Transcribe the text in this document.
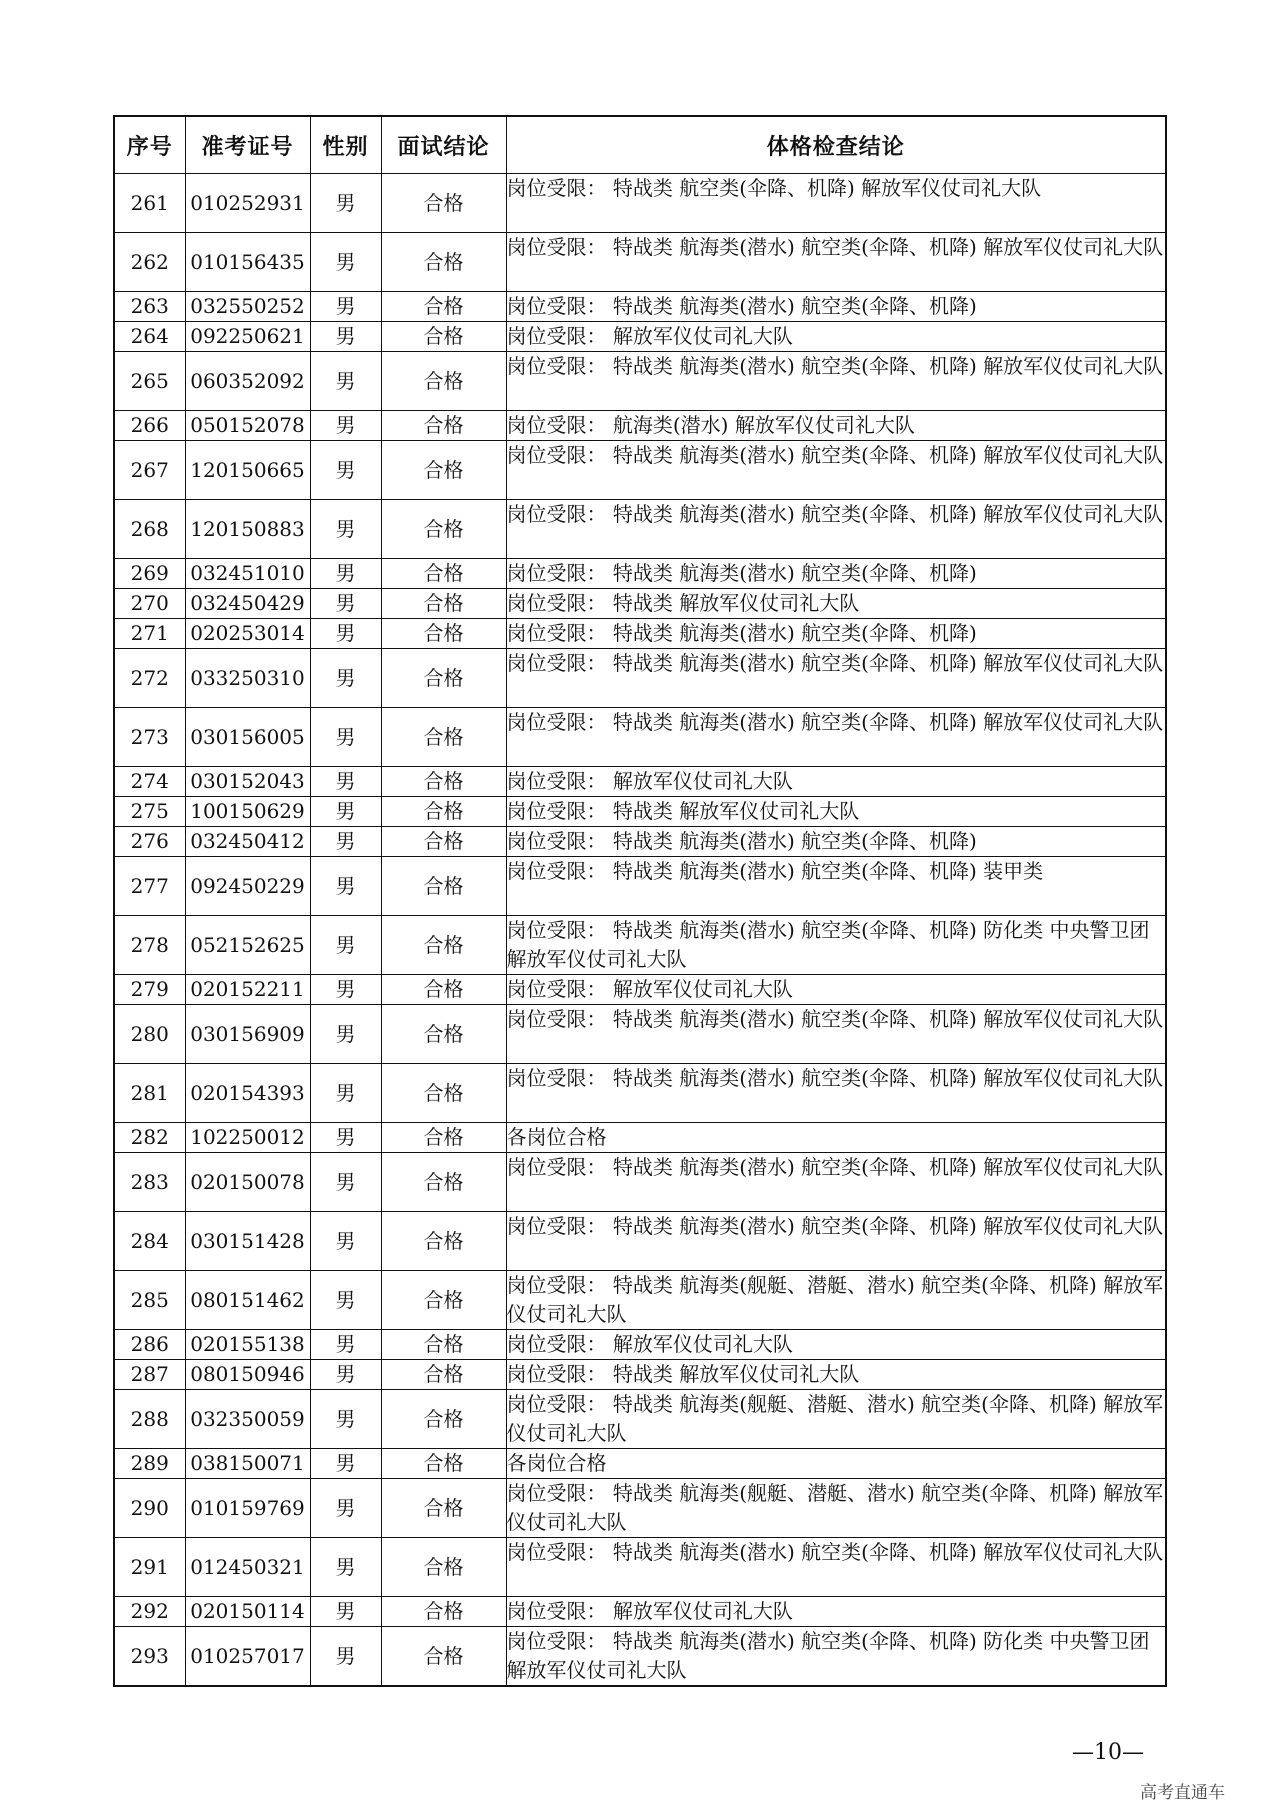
序号	准考证号	性别	面试结论	体格检查结论
261	010252931	男	合格	岗位受限： 特战类 航空类(伞降、机降) 解放军仪仗司礼大队
262	010156435	男	合格	岗位受限： 特战类 航海类(潜水) 航空类(伞降、机降) 解放军仪仗司礼大队
263	032550252	男	合格	岗位受限： 特战类 航海类(潜水) 航空类(伞降、机降)
264	092250621	男	合格	岗位受限： 解放军仪仗司礼大队
265	060352092	男	合格	岗位受限： 特战类 航海类(潜水) 航空类(伞降、机降) 解放军仪仗司礼大队
266	050152078	男	合格	岗位受限： 航海类(潜水) 解放军仪仗司礼大队
267	120150665	男	合格	岗位受限： 特战类 航海类(潜水) 航空类(伞降、机降) 解放军仪仗司礼大队
268	120150883	男	合格	岗位受限： 特战类 航海类(潜水) 航空类(伞降、机降) 解放军仪仗司礼大队
269	032451010	男	合格	岗位受限： 特战类 航海类(潜水) 航空类(伞降、机降)
270	032450429	男	合格	岗位受限： 特战类 解放军仪仗司礼大队
271	020253014	男	合格	岗位受限： 特战类 航海类(潜水) 航空类(伞降、机降)
272	033250310	男	合格	岗位受限： 特战类 航海类(潜水) 航空类(伞降、机降) 解放军仪仗司礼大队
273	030156005	男	合格	岗位受限： 特战类 航海类(潜水) 航空类(伞降、机降) 解放军仪仗司礼大队
274	030152043	男	合格	岗位受限： 解放军仪仗司礼大队
275	100150629	男	合格	岗位受限： 特战类 解放军仪仗司礼大队
276	032450412	男	合格	岗位受限： 特战类 航海类(潜水) 航空类(伞降、机降)
277	092450229	男	合格	岗位受限： 特战类 航海类(潜水) 航空类(伞降、机降) 装甲类
278	052152625	男	合格	岗位受限： 特战类 航海类(潜水) 航空类(伞降、机降) 防化类 中央警卫团 解放军仪仗司礼大队
279	020152211	男	合格	岗位受限： 解放军仪仗司礼大队
280	030156909	男	合格	岗位受限： 特战类 航海类(潜水) 航空类(伞降、机降) 解放军仪仗司礼大队
281	020154393	男	合格	岗位受限： 特战类 航海类(潜水) 航空类(伞降、机降) 解放军仪仗司礼大队
282	102250012	男	合格	各岗位合格
283	020150078	男	合格	岗位受限： 特战类 航海类(潜水) 航空类(伞降、机降) 解放军仪仗司礼大队
284	030151428	男	合格	岗位受限： 特战类 航海类(潜水) 航空类(伞降、机降) 解放军仪仗司礼大队
285	080151462	男	合格	岗位受限： 特战类 航海类(舰艇、潜艇、潜水) 航空类(伞降、机降) 解放军仪仗司礼大队
286	020155138	男	合格	岗位受限： 解放军仪仗司礼大队
287	080150946	男	合格	岗位受限： 特战类 解放军仪仗司礼大队
288	032350059	男	合格	岗位受限： 特战类 航海类(舰艇、潜艇、潜水) 航空类(伞降、机降) 解放军仪仗司礼大队
289	038150071	男	合格	各岗位合格
290	010159769	男	合格	岗位受限： 特战类 航海类(舰艇、潜艇、潜水) 航空类(伞降、机降) 解放军仪仗司礼大队
291	012450321	男	合格	岗位受限： 特战类 航海类(潜水) 航空类(伞降、机降) 解放军仪仗司礼大队
292	020150114	男	合格	岗位受限： 解放军仪仗司礼大队
293	010257017	男	合格	岗位受限： 特战类 航海类(潜水) 航空类(伞降、机降) 防化类 中央警卫团 解放军仪仗司礼大队
—10—
高考直通车
